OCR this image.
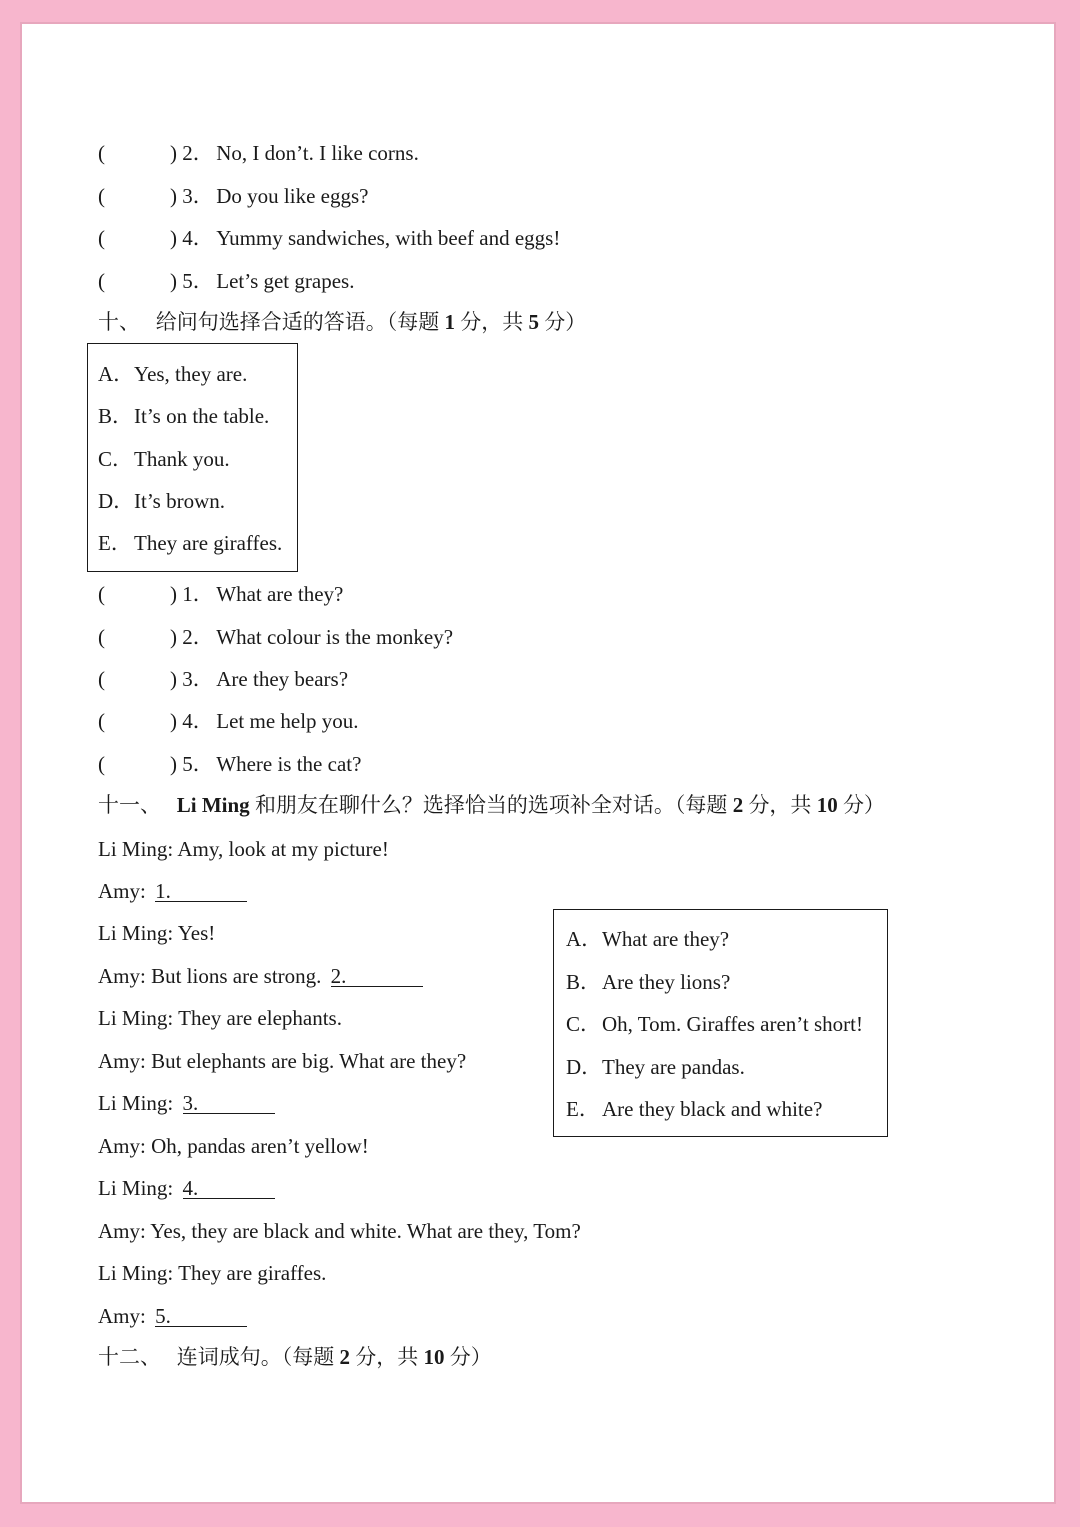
(	) 2． No, I don’t. I like corns.
(	) 3． Do you like eggs?
(	) 4． Yummy sandwiches, with beef and eggs!
(	) 5． Let’s get grapes.
十、 给问句选择合适的答语。（每题 1 分，共 5 分）
A．Yes, they are.
B．It’s on the table.
C．Thank you.
D．It’s brown.
E． They are giraffes.
(	) 1． What are they?
(	) 2． What colour is the monkey?
(	) 3． Are they bears?
(	) 4． Let me help you.
(	) 5． Where is the cat?
十一、 Li Ming 和朋友在聊什么？选择恰当的选项补全对话。（每题 2 分，共 10 分）
Li Ming: Amy, look at my picture!
Amy: 1.
Li Ming: Yes!
Amy: But lions are strong. 2.
Li Ming: They are elephants.
Amy: But elephants are big. What are they?
Li Ming: 3.
Amy: Oh, pandas aren’t yellow!
Li Ming: 4.
Amy: Yes, they are black and white. What are they, Tom?
Li Ming: They are giraffes.
Amy: 5.
A．What are they?
B．Are they lions?
C．Oh, Tom. Giraffes aren’t short!
D．They are pandas.
E． Are they black and white?
十二、 连词成句。（每题 2 分，共 10 分）
